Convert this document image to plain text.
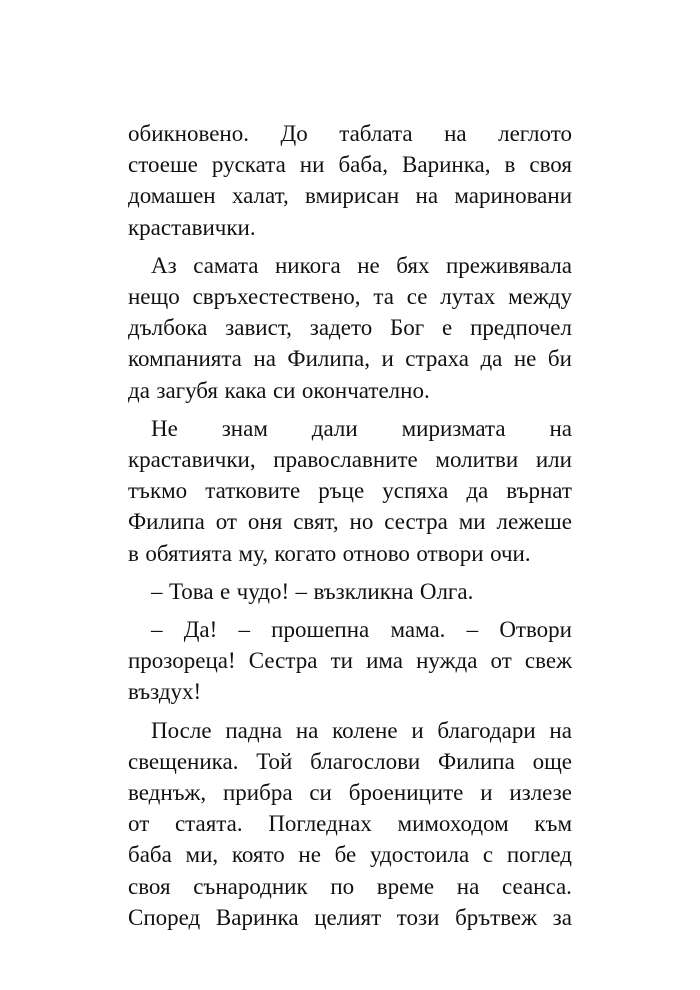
обикновено. До таблата на леглото
стоеше руската ни баба, Варинка, в своя
домашен халат, вмирисан на мариновани
краставички.
Аз самата никога не бях преживявала
нещо свръхестествено, та се лутах между
дълбока завист, задето Бог е предпочел
компанията на Филипа, и страха да не би
да загубя кака си окончателно.
Не знам дали миризмата на
краставички, православните молитви или
тъкмо татковите ръце успяха да върнат
Филипа от оня свят, но сестра ми лежеше
в обятията му, когато отново отвори очи.
– Това е чудо! – възкликна Олга.
– Да! – прошепна мама. – Отвори
прозореца! Сестра ти има нужда от свеж
въздух!
После падна на колене и благодари на
свещеника. Той благослови Филипа още
веднъж, прибра си броениците и излезе
от стаята. Погледнах мимоходом към
баба ми, която не бе удостоила с поглед
своя сънародник по време на сеанса.
Според Варинка целият този брътвеж за
